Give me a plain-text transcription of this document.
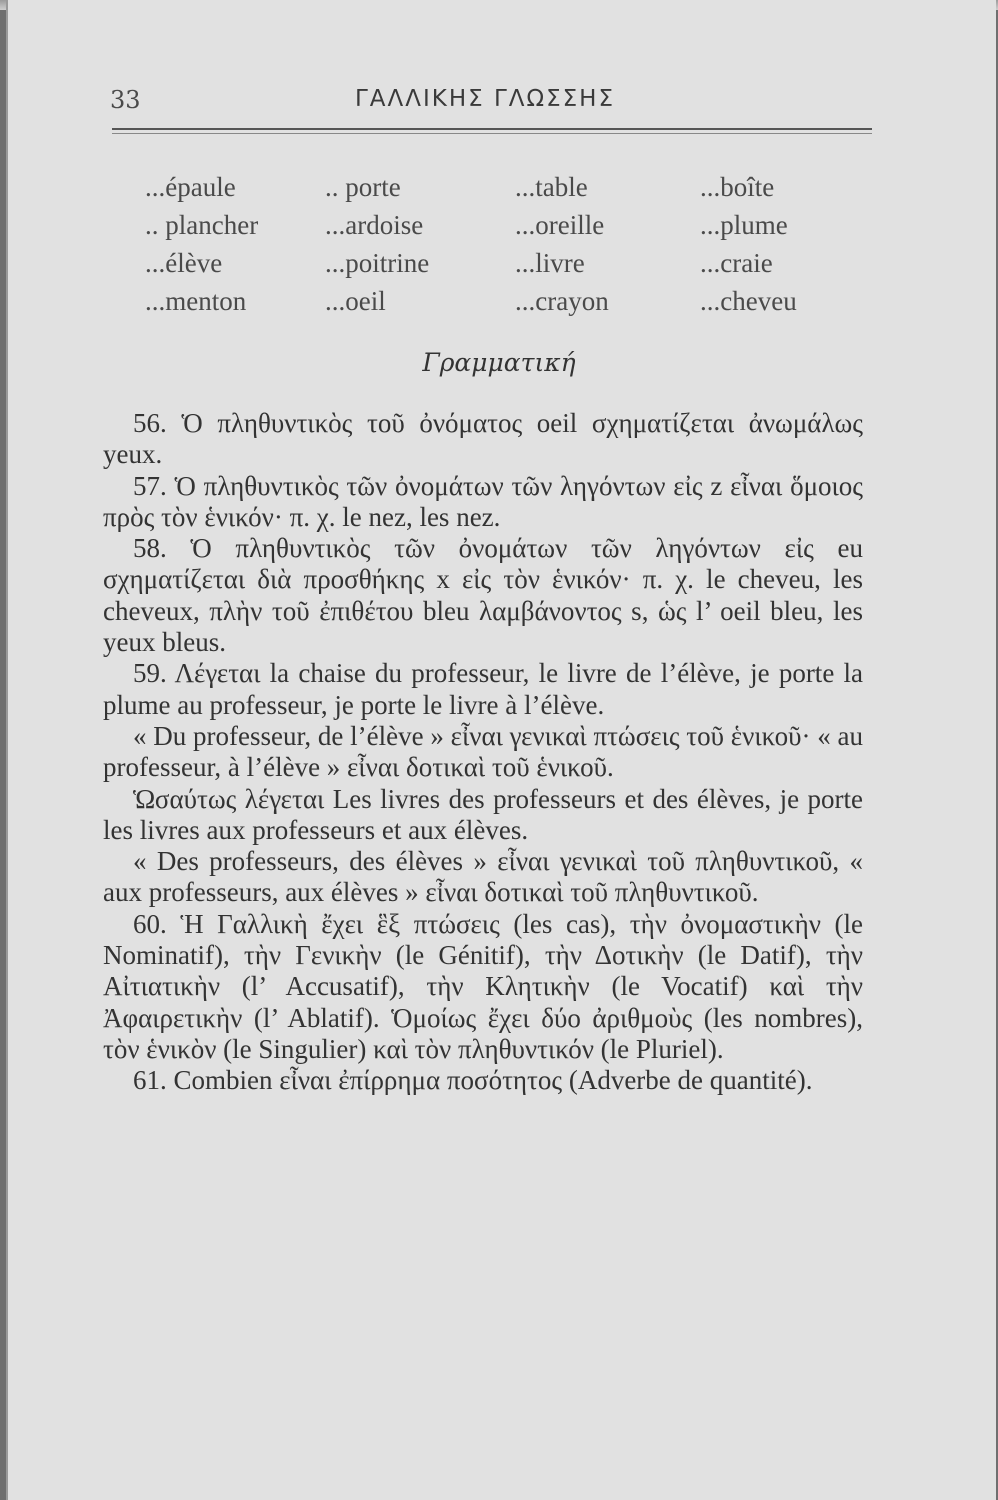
33	ΓΑΛΛΙΚΗΣ ΓΛΩΣΣΗΣ
...épaule
.. plancher
...élève
...menton
.. porte
...ardoise
...poitrine
...oeil
...table
...oreille
...livre
...crayon
...boîte
...plume
...craie
...cheveu
Γραμματική

56. Ὁ πληθυντικὸς τοῦ ὀνόματος oeil σχηματίζεται ἀνωμάλως yeux.

57. Ὁ πληθυντικὸς τῶν ὀνομάτων τῶν ληγόντων εἰς z εἶναι ὅμοιος πρὸς τὸν ἑνικόν· π. χ. le nez, les nez.

58. Ὁ πληθυντικὸς τῶν ὀνομάτων τῶν ληγόντων εἰς eu σχηματίζεται διὰ προσθήκης x εἰς τὸν ἑνικόν· π. χ. le cheveu, les cheveux, πλὴν τοῦ ἐπιθέτου bleu λαμβάνοντος s, ὡς l’ oeil bleu, les yeux bleus.

59. Λέγεται la chaise du professeur, le livre de l’élève, je porte la plume au professeur, je porte le livre à l’élève.

« Du professeur, de l’élève » εἶναι γενικαὶ πτώσεις τοῦ ἑνικοῦ· « au professeur, à l’élève » εἶναι δοτικαὶ τοῦ ἑνικοῦ.

Ὡσαύτως λέγεται Les livres des professeurs et des élèves, je porte les livres aux professeurs et aux élèves.

« Des professeurs, des élèves » εἶναι γενικαὶ τοῦ πληθυντικοῦ, « aux professeurs, aux élèves » εἶναι δοτικαὶ τοῦ πληθυντικοῦ.

60. Ἡ Γαλλικὴ ἔχει ἓξ πτώσεις (les cas), τὴν ὀνομαστικὴν (le Nominatif), τὴν Γενικὴν (le Génitif), τὴν Δοτικὴν (le Datif), τὴν Αἰτιατικὴν (l’ Accusatif), τὴν Κλητικὴν (le Vocatif) καὶ τὴν Ἀφαιρετικὴν (l’ Ablatif). Ὁμοίως ἔχει δύο ἀριθμοὺς (les nombres), τὸν ἑνικὸν (le Singulier) καὶ τὸν πληθυντικόν (le Pluriel).

61. Combien εἶναι ἐπίρρημα ποσότητος (Adverbe de quantité).
